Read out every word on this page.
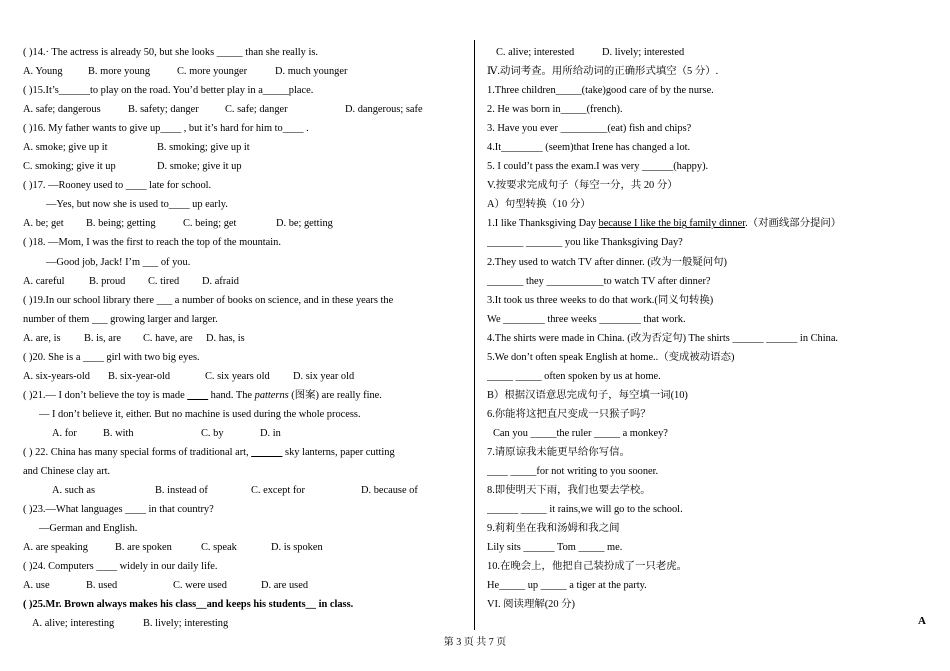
( )14.· The actress is already 50, but she looks _____ than she really is.
A. Young	B. more young	C. more younger	D. much younger
( )15.It’s______to play on the road. You’d better play in a_____place.
A. safe; dangerous	B. safety; danger	C. safe; danger	D. dangerous; safe
( )16. My father wants to give up____ , but it’s hard for him to____ .
A. smoke; give up it	B. smoking; give up it
C. smoking; give it up	D. smoke; give it up
( )17. —Rooney used to ____ late for school.
—Yes, but now she is used to____ up early.
A. be; get	B. being; getting	C. being; get	D. be; getting
( )18. —Mom, I was the first to reach the top of the mountain.
—Good job, Jack! I’m ___ of you.
A. careful	B. proud	C. tired	D. afraid
( )19.In our school library there ___ a number of books on science, and in these years the
number of them ___ growing larger and larger.
A. are, is	B. is, are	C. have, are	D. has, is
( )20. She is a ____ girl with two big eyes.
A. six-years-old	B. six-year-old	C. six years old	D. six year old
( )21.— I don’t believe the toy is made ____ hand. The patterns (图案) are really fine.
— I don’t believe it, either. But no machine is used during the whole process.
A. for	B. with	C. by	D. in
( ) 22. China has many special forms of traditional art, ______ sky lanterns, paper cutting
and Chinese clay art.
A. such as	B. instead of	C. except for	D. because of
( )23.—What languages ____ in that country?
—German and English.
A. are speaking	B. are spoken	C. speak	D. is spoken
( )24. Computers ____ widely in our daily life.
A. use	B. used	C. were used	D. are used
( )25.Mr. Brown always makes his class__and keeps his students__ in class.
A. alive; interesting	B. lively; interesting
C. alive; interested	D. lively; interested
Ⅳ.动词考查。用所给动词的正确形式填空（5 分）.
1.Three children_____(take)good care of by the nurse.
2. He was born in_____(french).
3. Have you ever _________(eat) fish and chips?
4.It________ (seem)that Irene has changed a lot.
5. I could’t pass the exam.I was very ______(happy).
V.按要求完成句子（每空一分，共 20 分）
A）句型转换（10 分）
1.I like Thanksgiving Day because I like the big family dinner.（对画线部分提问）
_______ _______ you like Thanksgiving Day?
2.They used to watch TV after dinner. (改为一般疑问句)
_______ they ___________to watch TV after dinner?
3.It took us three weeks to do that work.(同义句转换)
We ________ three weeks ________ that work.
4.The shirts were made in China. (改为否定句) The shirts ______ ______ in China.
5.We don’t often speak English at home..（变成被动语态)
_____ _____ often spoken by us at home.
B）根据汉语意思完成句子，每空填一词(10)
6.你能将这把直尺变成一只猴子吗？
Can you _____the ruler _____ a monkey?
7.请原谅我未能更早给你写信。
____ _____for not writing to you sooner.
8.即使明天下雨，我们也要去学校。
______ _____ it rains,we will go to the school.
9.莉莉坐在我和汤姆和我之间
Lily sits ______ Tom _____ me.
10.在晚会上，他把自己装扮成了一只老虎。
He_____ up _____ a tiger at the party.
VI. 阅读理解(20 分)
A
第 3 页 共 7 页
